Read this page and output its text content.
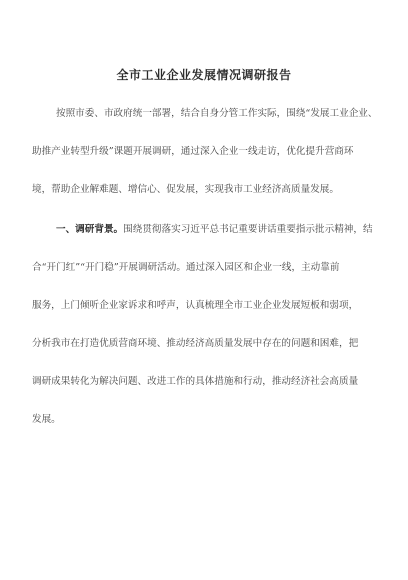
全市工业企业发展情况调研报告
按照市委、市政府统一部署，结合自身分管工作实际，围绕“发展工业企业、
助推产业转型升级”课题开展调研，通过深入企业一线走访，优化提升营商环
境，帮助企业解难题、增信心、促发展，实现我市工业经济高质量发展。
一、调研背景。围绕贯彻落实习近平总书记重要讲话重要指示批示精神，结
合“开门红”“开门稳”开展调研活动。通过深入园区和企业一线，主动靠前
服务，上门倾听企业家诉求和呼声，认真梳理全市工业企业发展短板和弱项，
分析我市在打造优质营商环境、推动经济高质量发展中存在的问题和困难，把
调研成果转化为解决问题、改进工作的具体措施和行动，推动经济社会高质量
发展。
